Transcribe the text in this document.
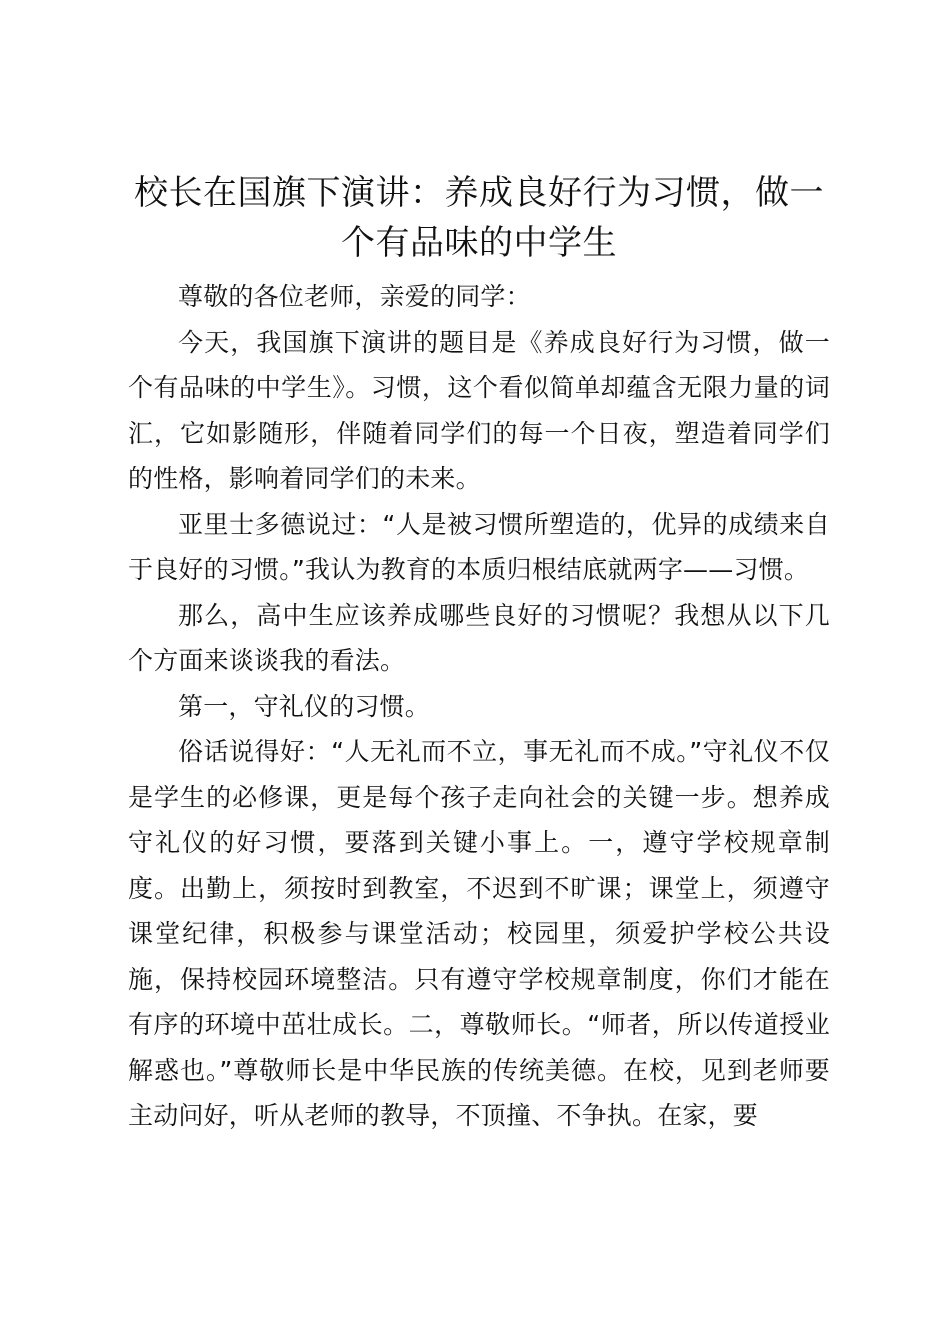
校长在国旗下演讲：养成良好行为习惯，做一个有品味的中学生

尊敬的各位老师，亲爱的同学：

今天，我国旗下演讲的题目是《养成良好行为习惯，做一个有品味的中学生》。习惯，这个看似简单却蕴含无限力量的词汇，它如影随形，伴随着同学们的每一个日夜，塑造着同学们的性格，影响着同学们的未来。

亚里士多德说过：“人是被习惯所塑造的，优异的成绩来自于良好的习惯。”我认为教育的本质归根结底就两字——习惯。

那么，高中生应该养成哪些良好的习惯呢？我想从以下几个方面来谈谈我的看法。

第一，守礼仪的习惯。

俗话说得好：“人无礼而不立，事无礼而不成。”守礼仪不仅是学生的必修课，更是每个孩子走向社会的关键一步。想养成守礼仪的好习惯，要落到关键小事上。一，遵守学校规章制度。出勤上，须按时到教室，不迟到不旷课；课堂上，须遵守课堂纪律，积极参与课堂活动；校园里，须爱护学校公共设施，保持校园环境整洁。只有遵守学校规章制度，你们才能在有序的环境中茁壮成长。二，尊敬师长。“师者，所以传道授业解惑也。”尊敬师长是中华民族的传统美德。在校，见到老师要主动问好，听从老师的教导，不顶撞、不争执。在家，要
